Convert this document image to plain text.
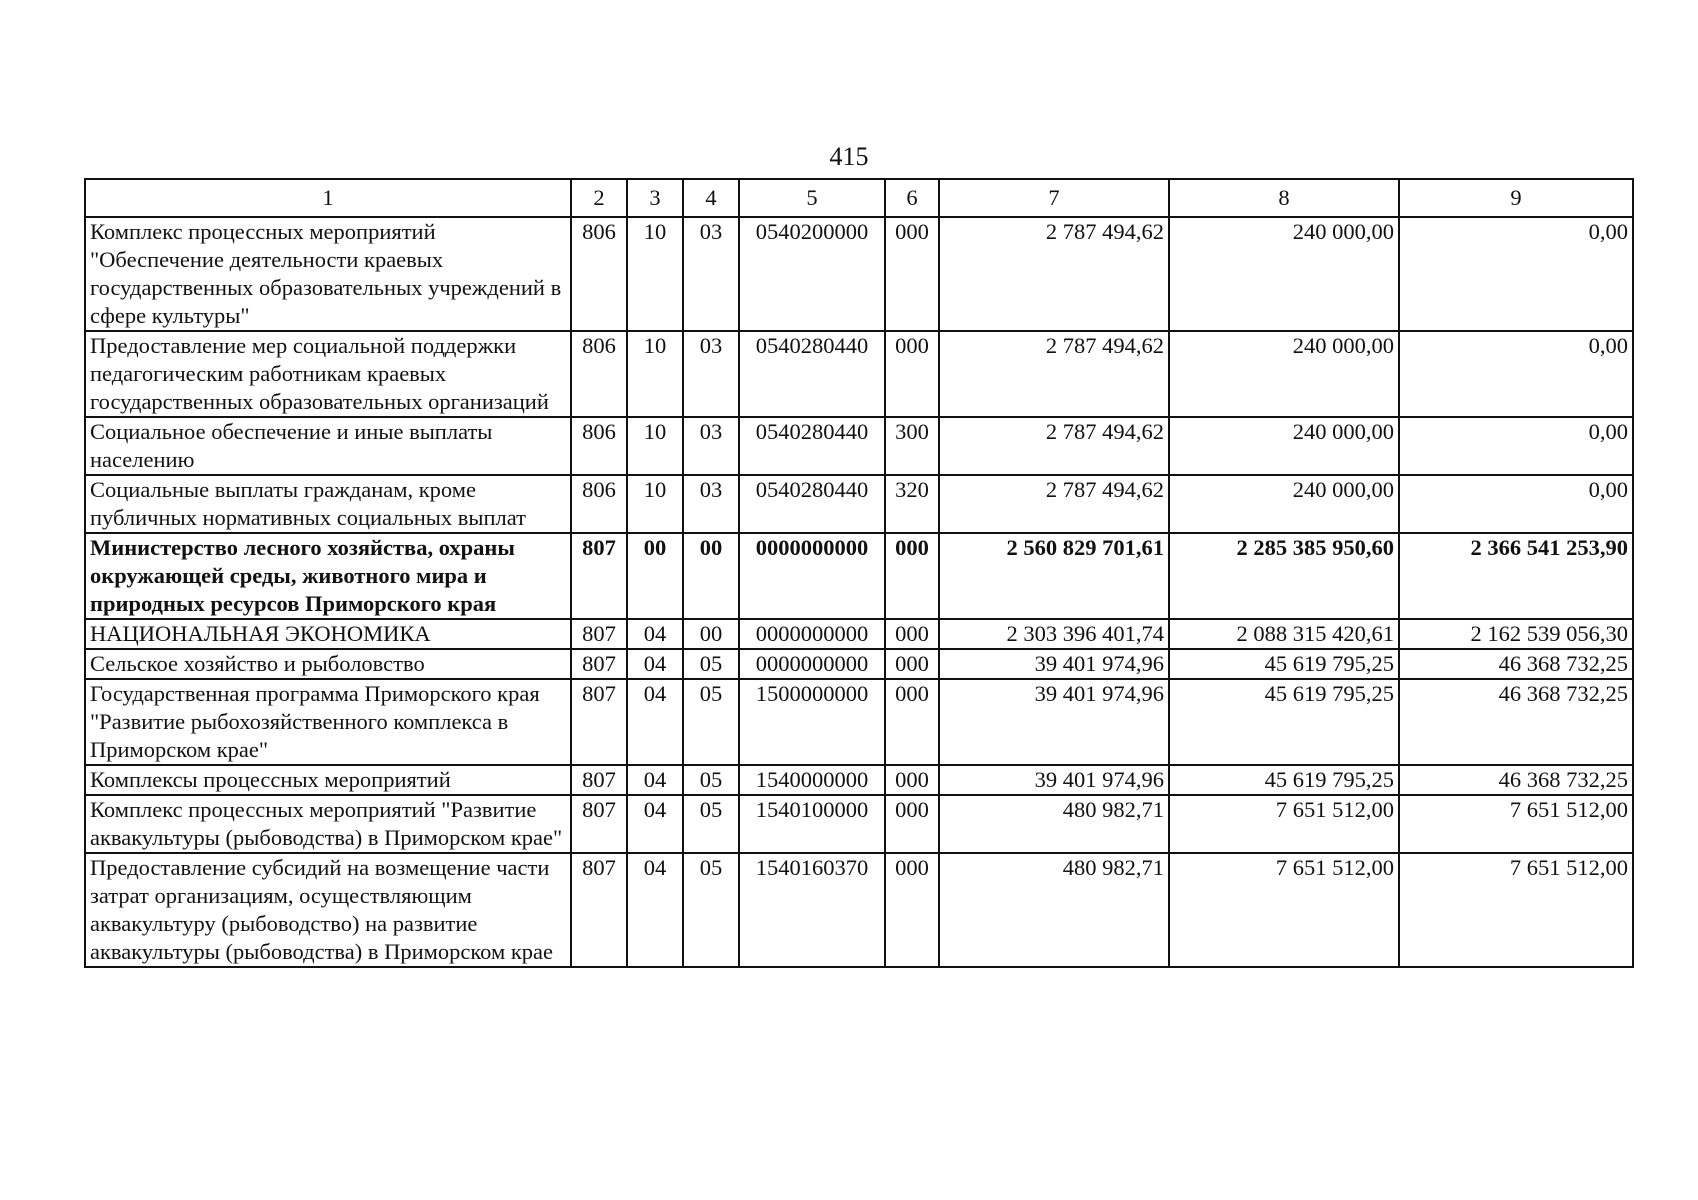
415
1	2	3	4	5	6	7	8	9
Комплекс процессных мероприятий "Обеспечение деятельности краевых государственных образовательных учреждений в сфере культуры"	806	10	03	0540200000	000	2 787 494,62	240 000,00	0,00
Предоставление мер социальной поддержки педагогическим работникам краевых государственных образовательных организаций	806	10	03	0540280440	000	2 787 494,62	240 000,00	0,00
Социальное обеспечение и иные выплаты населению	806	10	03	0540280440	300	2 787 494,62	240 000,00	0,00
Социальные выплаты гражданам, кроме публичных нормативных социальных выплат	806	10	03	0540280440	320	2 787 494,62	240 000,00	0,00
Министерство лесного хозяйства, охраны окружающей среды, животного мира и природных ресурсов Приморского края	807	00	00	0000000000	000	2 560 829 701,61	2 285 385 950,60	2 366 541 253,90
НАЦИОНАЛЬНАЯ ЭКОНОМИКА	807	04	00	0000000000	000	2 303 396 401,74	2 088 315 420,61	2 162 539 056,30
Сельское хозяйство и рыболовство	807	04	05	0000000000	000	39 401 974,96	45 619 795,25	46 368 732,25
Государственная программа Приморского края "Развитие рыбохозяйственного комплекса в Приморском крае"	807	04	05	1500000000	000	39 401 974,96	45 619 795,25	46 368 732,25
Комплексы процессных мероприятий	807	04	05	1540000000	000	39 401 974,96	45 619 795,25	46 368 732,25
Комплекс процессных мероприятий "Развитие аквакультуры (рыбоводства) в Приморском крае"	807	04	05	1540100000	000	480 982,71	7 651 512,00	7 651 512,00
Предоставление субсидий на возмещение части затрат организациям, осуществляющим аквакультуру (рыбоводство) на развитие аквакультуры (рыбоводства) в Приморском крае	807	04	05	1540160370	000	480 982,71	7 651 512,00	7 651 512,00
